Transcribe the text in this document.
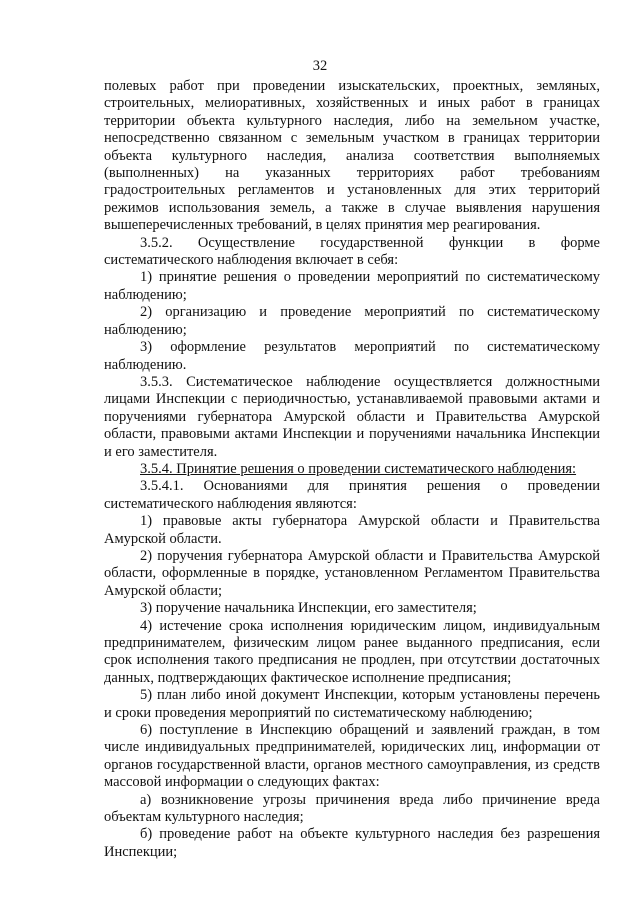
32

полевых работ при проведении изыскательских, проектных, земляных, строительных, мелиоративных, хозяйственных и иных работ в границах территории объекта культурного наследия, либо на земельном участке, непосредственно связанном с земельным участком в границах территории объекта культурного наследия, анализа соответствия выполняемых (выполненных) на указанных территориях работ требованиям градостроительных регламентов и установленных для этих территорий режимов использования земель, а также в случае выявления нарушения вышеперечисленных требований, в целях принятия мер реагирования.

3.5.2. Осуществление государственной функции в форме систематического наблюдения включает в себя:

1) принятие решения о проведении мероприятий по систематическому наблюдению;

2) организацию и проведение мероприятий по систематическому наблюдению;

3) оформление результатов мероприятий по систематическому наблюдению.

3.5.3. Систематическое наблюдение осуществляется должностными лицами Инспекции с периодичностью, устанавливаемой правовыми актами и поручениями губернатора Амурской области и Правительства Амурской области, правовыми актами Инспекции и поручениями начальника Инспекции и его заместителя.

3.5.4. Принятие решения о проведении систематического наблюдения:

3.5.4.1. Основаниями для принятия решения о проведении систематического наблюдения являются:

1) правовые акты губернатора Амурской области и Правительства Амурской области.

2) поручения губернатора Амурской области и Правительства Амурской области, оформленные в порядке, установленном Регламентом Правительства Амурской области;

3) поручение начальника Инспекции, его заместителя;

4) истечение срока исполнения юридическим лицом, индивидуальным предпринимателем, физическим лицом ранее выданного предписания, если срок исполнения такого предписания не продлен, при отсутствии достаточных данных, подтверждающих фактическое исполнение предписания;

5) план либо иной документ Инспекции, которым установлены перечень и сроки проведения мероприятий по систематическому наблюдению;

6) поступление в Инспекцию обращений и заявлений граждан, в том числе индивидуальных предпринимателей, юридических лиц, информации от органов государственной власти, органов местного самоуправления, из средств массовой информации о следующих фактах:

а) возникновение угрозы причинения вреда либо причинение вреда объектам культурного наследия;

б) проведение работ на объекте культурного наследия без разрешения Инспекции;
